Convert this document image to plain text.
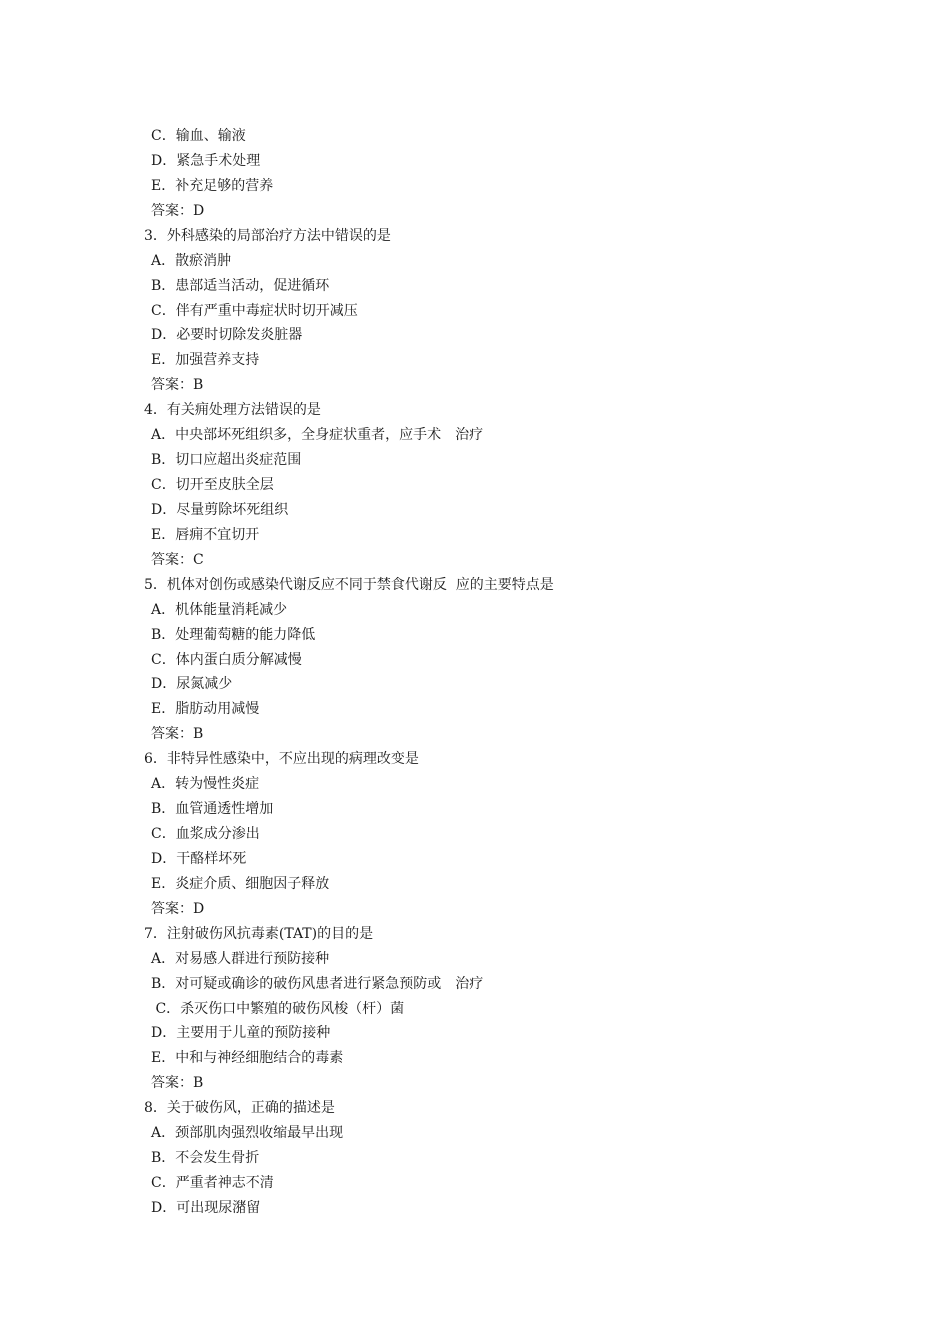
C．输血、输液
D．紧急手术处理
E．补充足够的营养
答案：D
3．外科感染的局部治疗方法中错误的是
A．散瘀消肿
B．患部适当活动，促进循环
C．伴有严重中毒症状时切开减压
D．必要时切除发炎脏器
E．加强营养支持
答案：B
4．有关痈处理方法错误的是
A．中央部坏死组织多，全身症状重者，应手术　治疗
B．切口应超出炎症范围
C．切开至皮肤全层
D．尽量剪除坏死组织
E．唇痈不宜切开
答案：C
5．机体对创伤或感染代谢反应不同于禁食代谢反  应的主要特点是
A．机体能量消耗减少
B．处理葡萄糖的能力降低
C．体内蛋白质分解减慢
D．尿氮减少
E．脂肪动用减慢
答案：B
6．非特异性感染中，不应出现的病理改变是
A．转为慢性炎症
B．血管通透性增加
C．血浆成分渗出
D．干酪样坏死
E．炎症介质、细胞因子释放
答案：D
7．注射破伤风抗毒素(TAT)的目的是
A．对易感人群进行预防接种
B．对可疑或确诊的破伤风患者进行紧急预防或　治疗
C．杀灭伤口中繁殖的破伤风梭（杆）菌
D．主要用于儿童的预防接种
E．中和与神经细胞结合的毒素
答案：B
8．关于破伤风，正确的描述是
A．颈部肌肉强烈收缩最早出现
B．不会发生骨折
C．严重者神志不清
D．可出现尿潴留
